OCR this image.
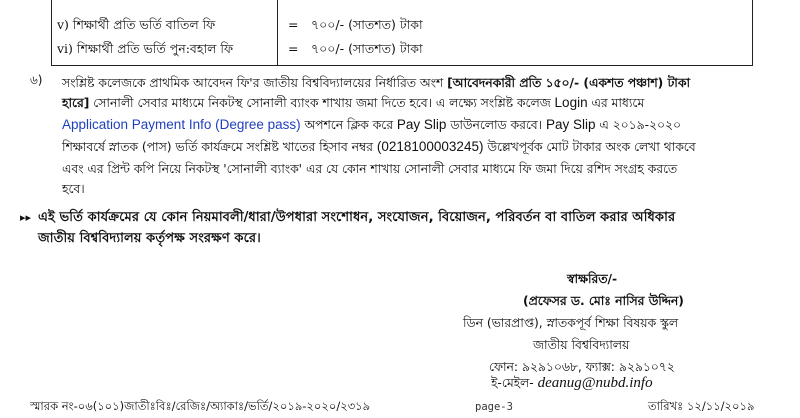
v) শিক্ষার্থী প্রতি ভর্তি বাতিল ফি	= ৭০০/- (সাতশত) টাকা
vi) শিক্ষার্থী প্রতি ভর্তি পুন:বহাল ফি	= ৭০০/- (সাতশত) টাকা
৬) সংশ্লিষ্ট কলেজকে প্রাথমিক আবেদন ফি'র জাতীয় বিশ্ববিদ্যালয়ের নির্ধারিত অংশ [আবেদনকারী প্রতি ১৫০/- (একশত পঞ্চাশ) টাকা
হারে] সোনালী সেবার মাধ্যমে নিকটস্থ সোনালী ব্যাংক শাখায় জমা দিতে হবে। এ লক্ষ্যে সংশ্লিষ্ট কলেজ Login এর মাধ্যমে
Application Payment Info (Degree pass) অপশনে ক্লিক করে Pay Slip ডাউনলোড করবে। Pay Slip এ ২০১৯-২০২০
শিক্ষাবর্ষে স্নাতক (পাস) ভর্তি কার্যক্রমে সংশ্লিষ্ট খাতের হিসাব নম্বর (0218100003245) উল্লেখপূর্বক মোট টাকার অংক লেখা থাকবে
এবং এর প্রিন্ট কপি নিয়ে নিকটস্থ 'সোনালী ব্যাংক' এর যে কোন শাখায় সোনালী সেবার মাধ্যমে ফি জমা দিয়ে রশিদ সংগ্রহ করতে
হবে।
▸▸ এই ভর্তি কার্যক্রমের যে কোন নিয়মাবলী/ধারা/উপধারা সংশোধন, সংযোজন, বিয়োজন, পরিবর্তন বা বাতিল করার অধিকার
জাতীয় বিশ্ববিদ্যালয় কর্তৃপক্ষ সংরক্ষণ করে।
স্বাক্ষরিত/-
(প্রফেসর ড. মোঃ নাসির উদ্দিন)
ডিন (ভারপ্রাপ্ত), স্নাতকপূর্ব শিক্ষা বিষয়ক স্কুল
জাতীয় বিশ্ববিদ্যালয়
ফোন: ৯২৯১০৬৮, ফ্যাক্স: ৯২৯১০৭২
ই-মেইল- deanug@nubd.info
স্মারক নং-০৬(১০১)জাতীঃবিঃ/রেজিঃ/অ্যাকাঃ/ভর্তি/২০১৯-২০২০/২৩১৯	page-3	তারিখঃ ১২/১১/২০১৯
